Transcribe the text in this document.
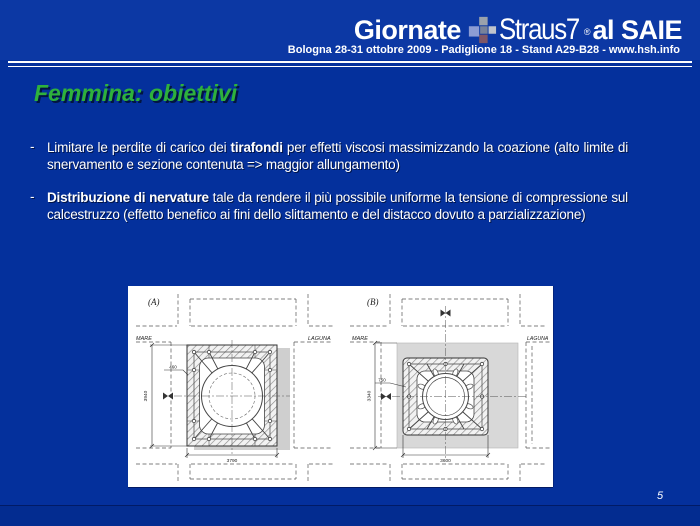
Giornate Straus7 ® al SAIE
Bologna 28-31 ottobre 2009 - Padiglione 18 - Stand A29-B28 - www.hsh.info
Femmina: obiettivi
- Limitare le perdite di carico dei tirafondi per effetti viscosi massimizzando la coazione (alto limite di snervamento e sezione contenuta => maggior allungamento)

- Distribuzione di nervature tale da rendere il più possibile uniforme la tensione di compressione sul calcestruzzo (effetto benefico ai fini dello slittamento e del distacco dovuto a parzializzazione)

(A)
MARE	LAGUNA
3790
3940
460
(B)
MARE	LAGUNA
3600
3340
750
5
